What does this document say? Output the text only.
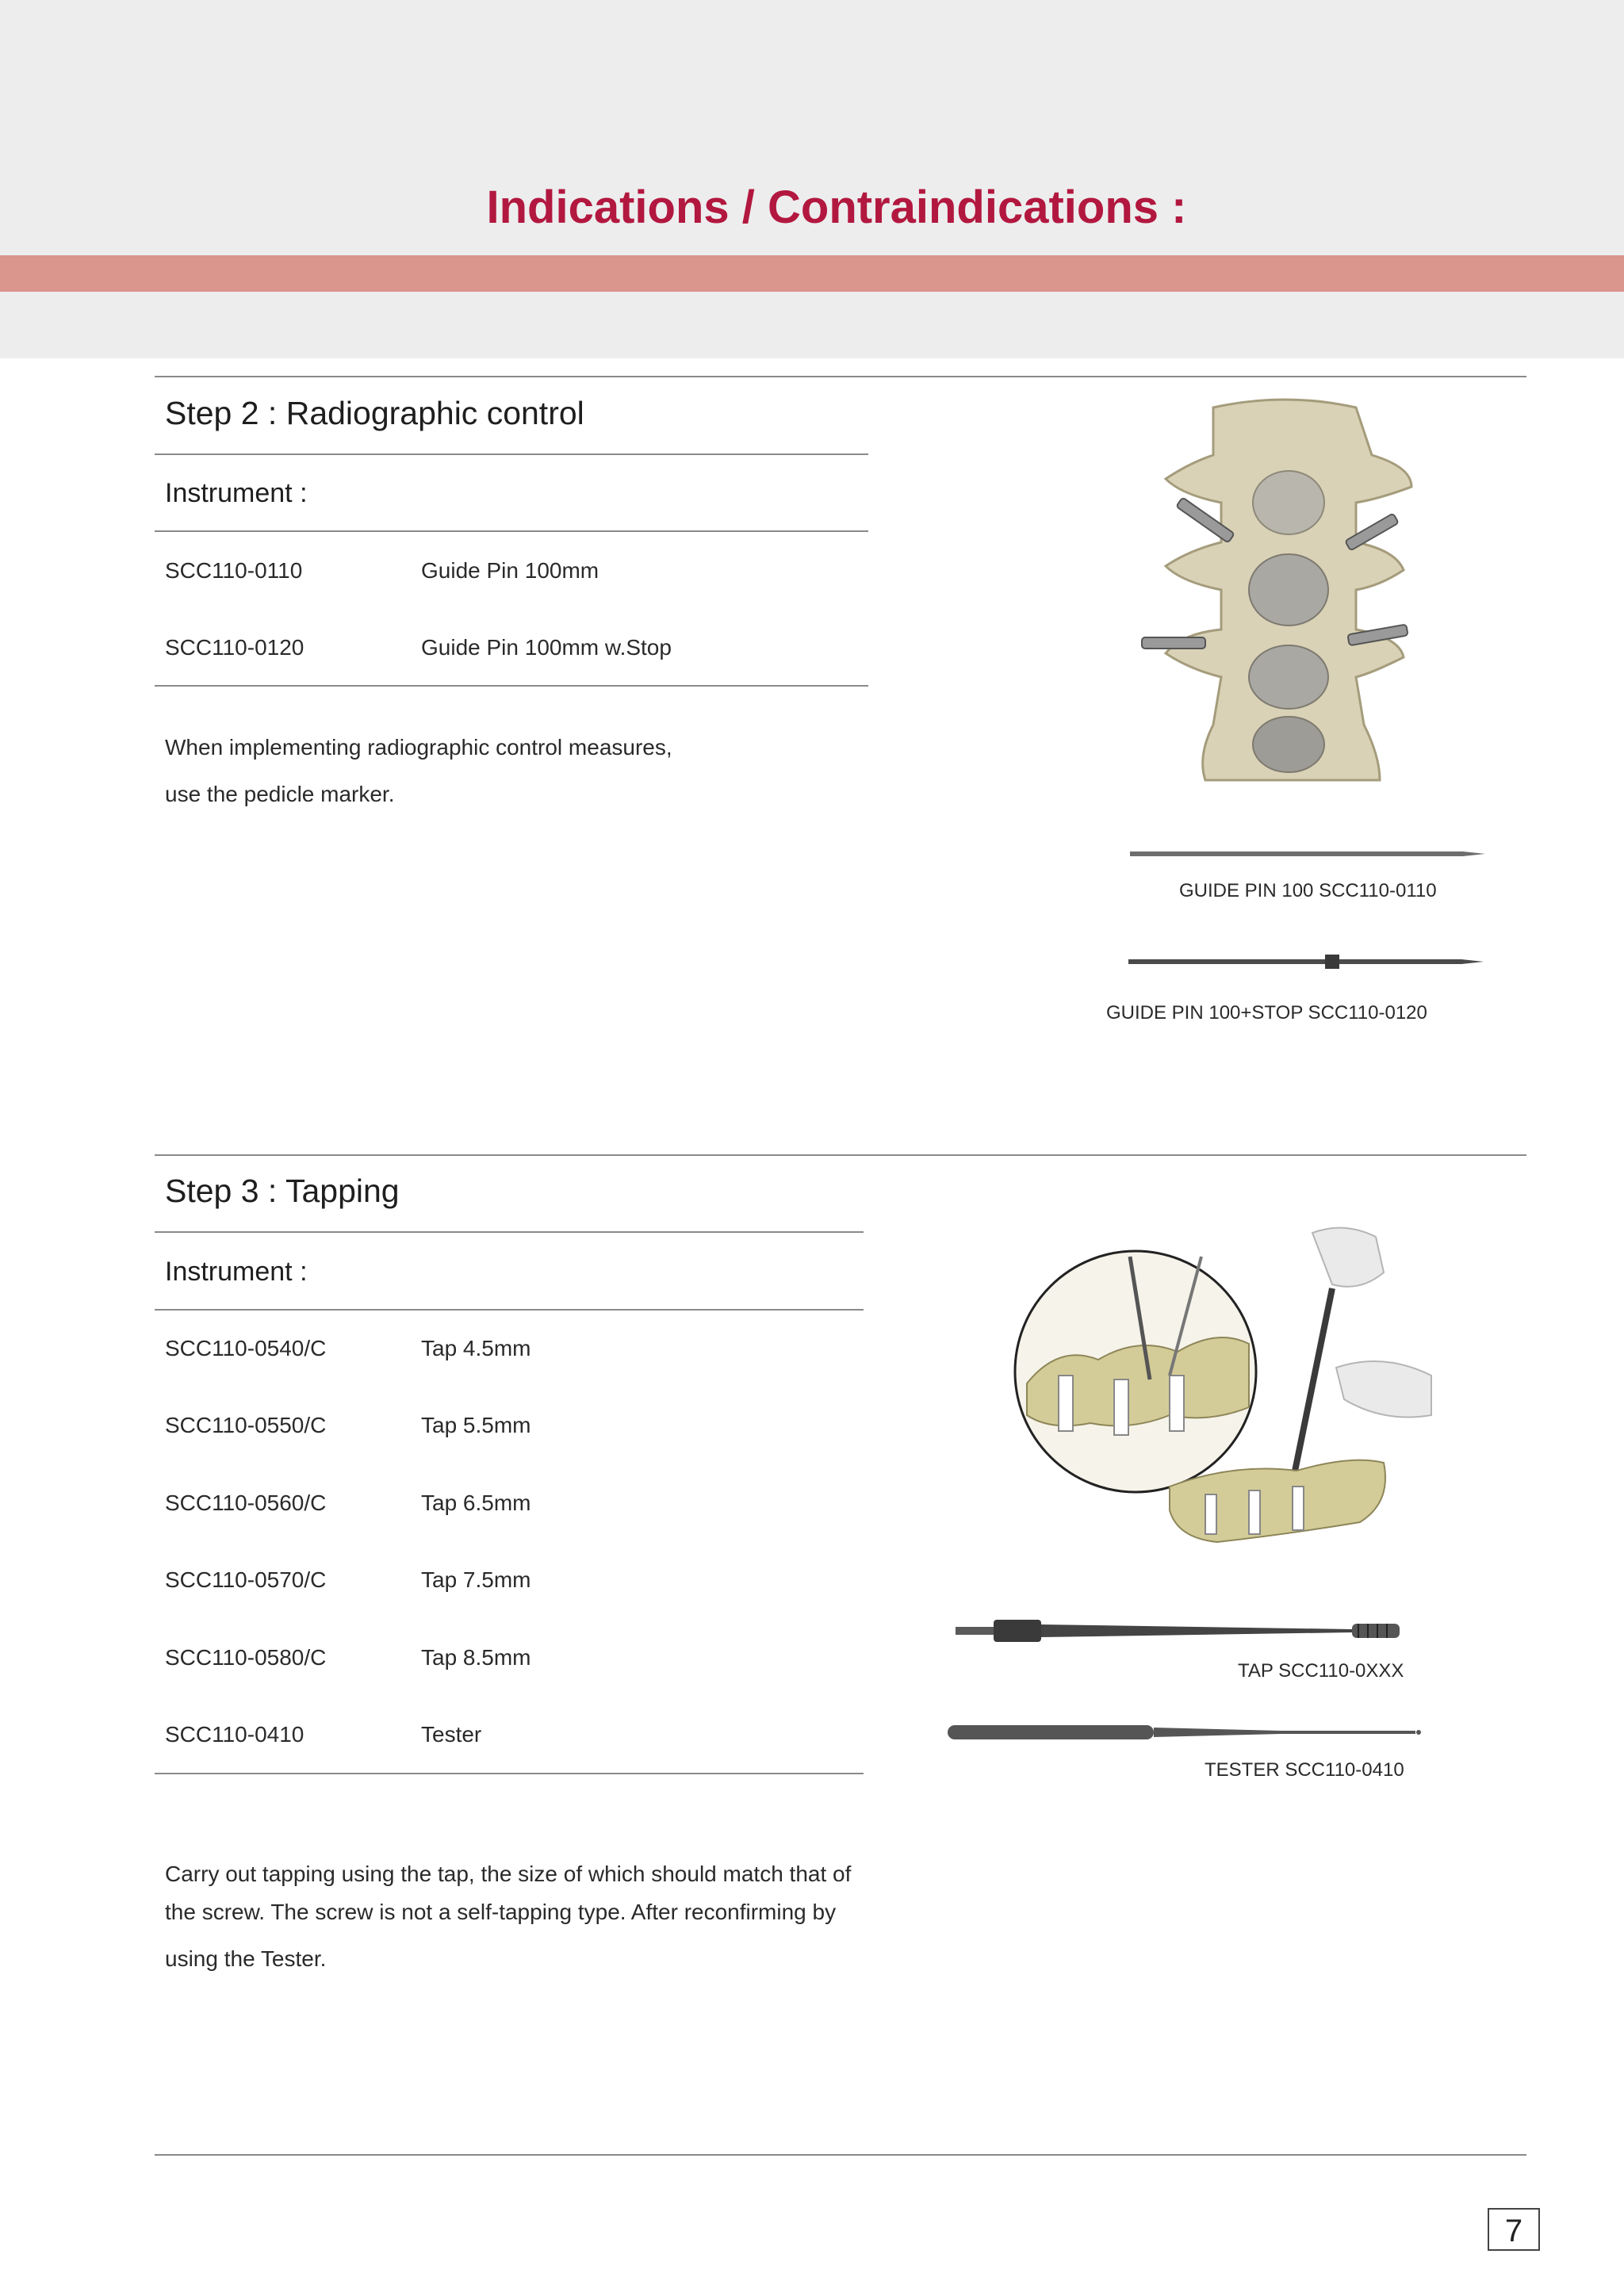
Indications / Contraindications :
Step 2 : Radiographic control
Instrument :
SCC110-0110	Guide Pin 100mm
SCC110-0120	Guide Pin 100mm w.Stop
When implementing radiographic control measures,
use the pedicle marker.
GUIDE PIN 100 SCC110-0110
GUIDE PIN 100+STOP SCC110-0120
Step 3 : Tapping
Instrument :
SCC110-0540/C	Tap 4.5mm
SCC110-0550/C	Tap 5.5mm
SCC110-0560/C	Tap 6.5mm
SCC110-0570/C	Tap 7.5mm
SCC110-0580/C	Tap 8.5mm
SCC110-0410	Tester
Carry out tapping using the tap, the size of which should match that of
the screw. The screw is not a self-tapping type. After reconfirming by
using the Tester.
TAP SCC110-0XXX
TESTER SCC110-0410
7
